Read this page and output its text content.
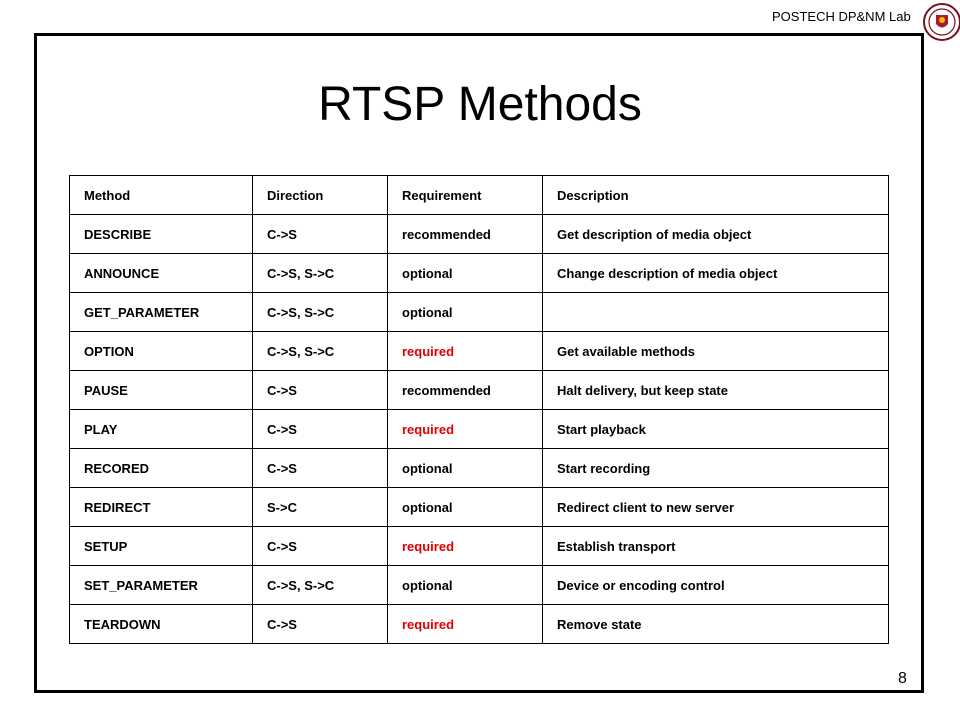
POSTECH DP&NM Lab
RTSP Methods
Method	Direction	Requirement	Description
DESCRIBE	C->S	recommended	Get description of media object
ANNOUNCE	C->S, S->C	optional	Change description of media object
GET_PARAMETER	C->S, S->C	optional	
OPTION	C->S, S->C	required	Get available methods
PAUSE	C->S	recommended	Halt delivery, but keep state
PLAY	C->S	required	Start playback
RECORED	C->S	optional	Start recording
REDIRECT	S->C	optional	Redirect client to new server
SETUP	C->S	required	Establish transport
SET_PARAMETER	C->S, S->C	optional	Device or encoding control
TEARDOWN	C->S	required	Remove state
8
